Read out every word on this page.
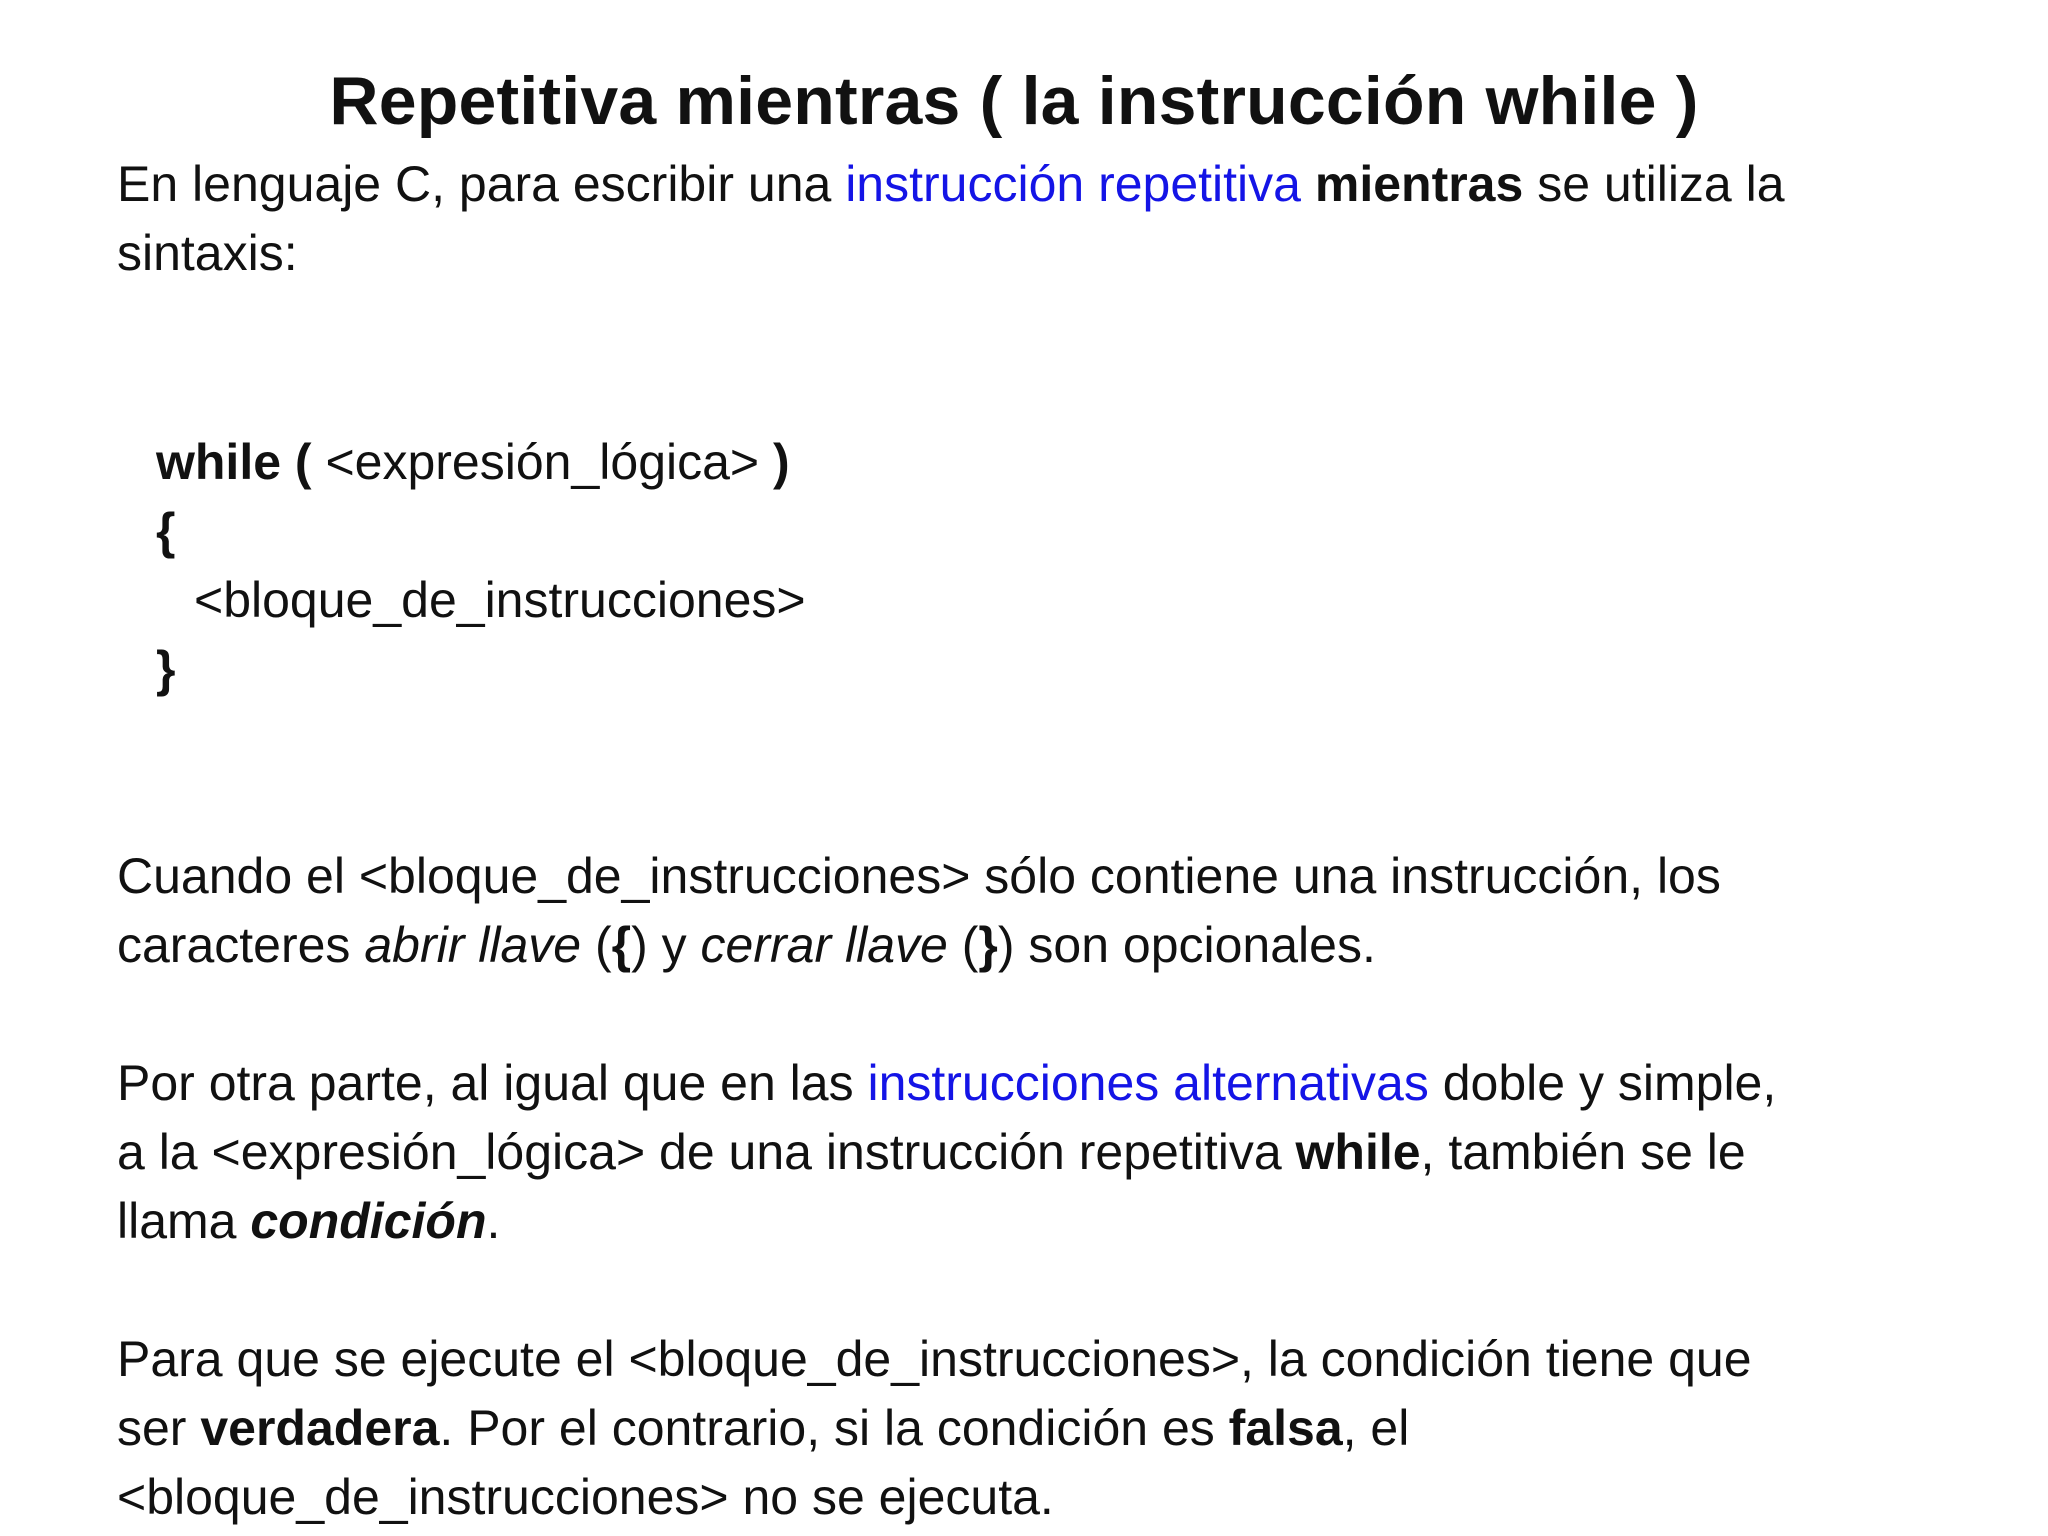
Repetitiva mientras ( la instrucción while )
En lenguaje C, para escribir una instrucción repetitiva mientras se utiliza la
sintaxis:
while ( <expresión_lógica> )
{
<bloque_de_instrucciones>
}
Cuando el <bloque_de_instrucciones> sólo contiene una instrucción, los
caracteres abrir llave ({) y cerrar llave (}) son opcionales.
Por otra parte, al igual que en las instrucciones alternativas doble y simple,
a la <expresión_lógica> de una instrucción repetitiva while, también se le
llama condición.
Para que se ejecute el <bloque_de_instrucciones>, la condición tiene que
ser verdadera. Por el contrario, si la condición es falsa, el
<bloque_de_instrucciones> no se ejecuta.
